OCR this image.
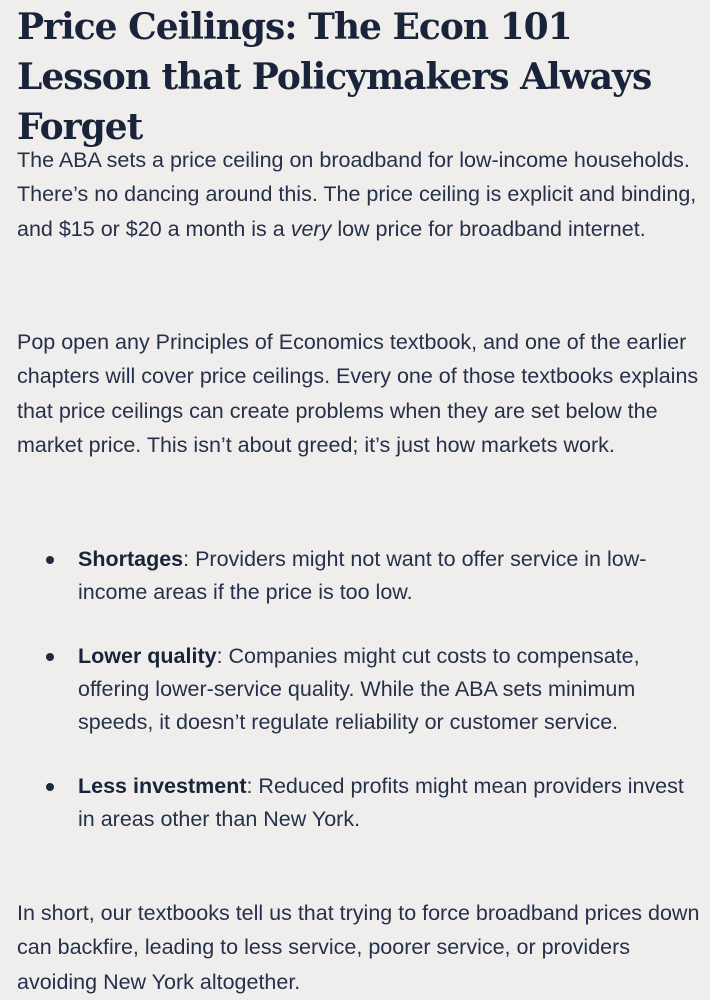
Price Ceilings: The Econ 101 Lesson that Policymakers Always Forget

The ABA sets a price ceiling on broadband for low-income households. There’s no dancing around this. The price ceiling is explicit and binding, and $15 or $20 a month is a very low price for broadband internet.

Pop open any Principles of Economics textbook, and one of the earlier chapters will cover price ceilings. Every one of those textbooks explains that price ceilings can create problems when they are set below the market price. This isn’t about greed; it’s just how markets work.

Shortages: Providers might not want to offer service in low-income areas if the price is too low.
Lower quality: Companies might cut costs to compensate, offering lower-service quality. While the ABA sets minimum speeds, it doesn’t regulate reliability or customer service.
Less investment: Reduced profits might mean providers invest in areas other than New York.

In short, our textbooks tell us that trying to force broadband prices down can backfire, leading to less service, poorer service, or providers avoiding New York altogether.
